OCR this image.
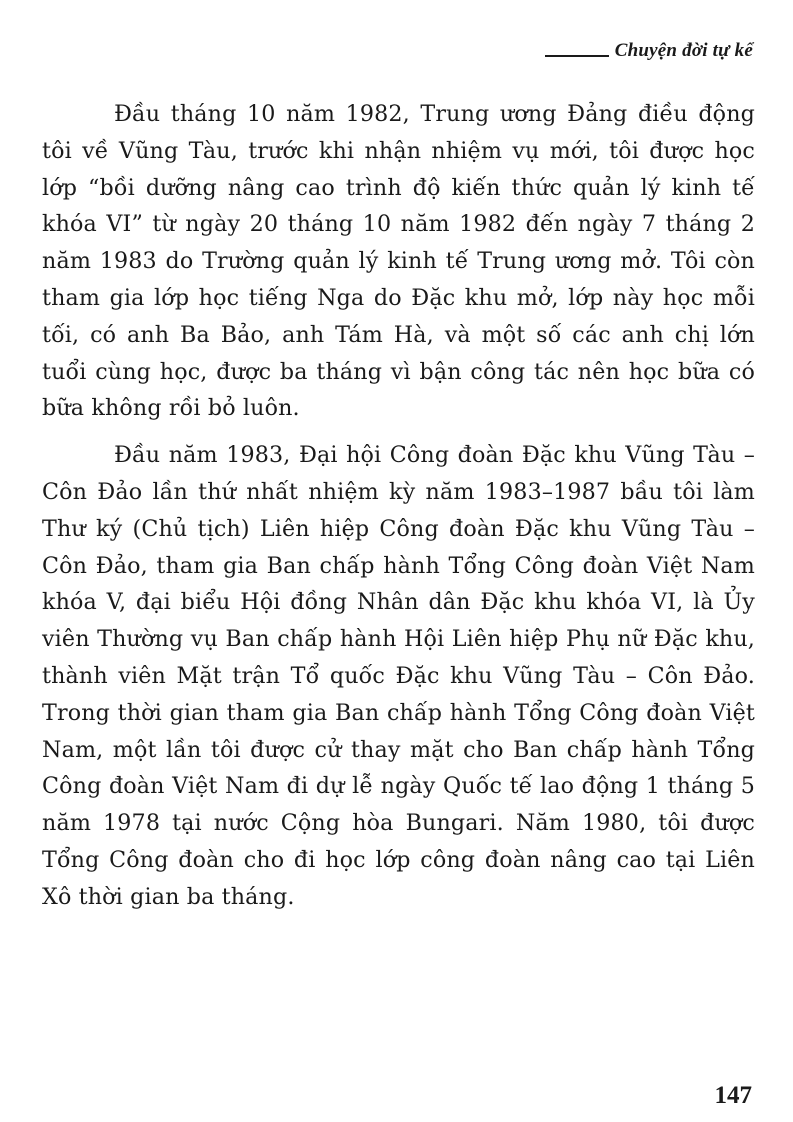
Chuyện đời tự kể

Đầu tháng 10 năm 1982, Trung ương Đảng điều động tôi về Vũng Tàu, trước khi nhận nhiệm vụ mới, tôi được học lớp “bồi dưỡng nâng cao trình độ kiến thức quản lý kinh tế khóa VI” từ ngày 20 tháng 10 năm 1982 đến ngày 7 tháng 2 năm 1983 do Trường quản lý kinh tế Trung ương mở. Tôi còn tham gia lớp học tiếng Nga do Đặc khu mở, lớp này học mỗi tối, có anh Ba Bảo, anh Tám Hà, và một số các anh chị lớn tuổi cùng học, được ba tháng vì bận công tác nên học bữa có bữa không rồi bỏ luôn.

Đầu năm 1983, Đại hội Công đoàn Đặc khu Vũng Tàu – Côn Đảo lần thứ nhất nhiệm kỳ năm 1983–1987 bầu tôi làm Thư ký (Chủ tịch) Liên hiệp Công đoàn Đặc khu Vũng Tàu – Côn Đảo, tham gia Ban chấp hành Tổng Công đoàn Việt Nam khóa V, đại biểu Hội đồng Nhân dân Đặc khu khóa VI, là Ủy viên Thường vụ Ban chấp hành Hội Liên hiệp Phụ nữ Đặc khu, thành viên Mặt trận Tổ quốc Đặc khu Vũng Tàu – Côn Đảo. Trong thời gian tham gia Ban chấp hành Tổng Công đoàn Việt Nam, một lần tôi được cử thay mặt cho Ban chấp hành Tổng Công đoàn Việt Nam đi dự lễ ngày Quốc tế lao động 1 tháng 5 năm 1978 tại nước Cộng hòa Bungari. Năm 1980, tôi được Tổng Công đoàn cho đi học lớp công đoàn nâng cao tại Liên Xô thời gian ba tháng.

147
